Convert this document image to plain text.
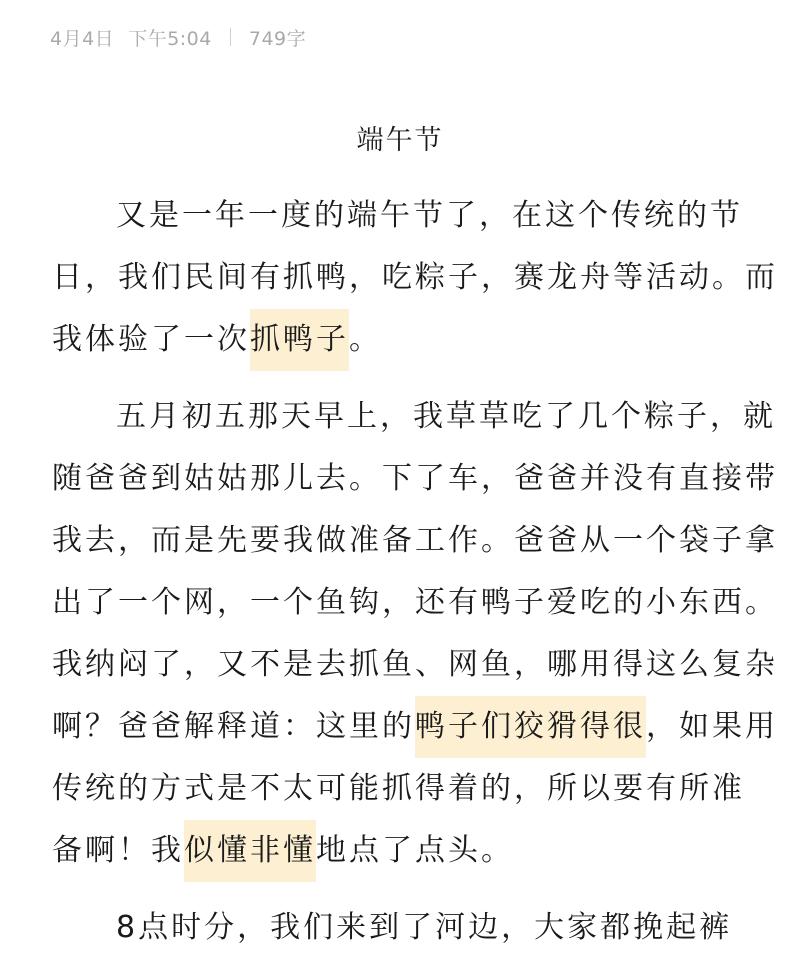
4月4日 下午5:04 749字
端午节
又是一年一度的端午节了，在这个传统的节
日，我们民间有抓鸭，吃粽子，赛龙舟等活动。而
我体验了一次抓鸭子。
五月初五那天早上，我草草吃了几个粽子，就
随爸爸到姑姑那儿去。下了车，爸爸并没有直接带
我去，而是先要我做准备工作。爸爸从一个袋子拿
出了一个网，一个鱼钩，还有鸭子爱吃的小东西。
我纳闷了，又不是去抓鱼、网鱼，哪用得这么复杂
啊？爸爸解释道：这里的鸭子们狡猾得很，如果用
传统的方式是不太可能抓得着的，所以要有所准
备啊！我似懂非懂地点了点头。
8点时分，我们来到了河边，大家都挽起裤
